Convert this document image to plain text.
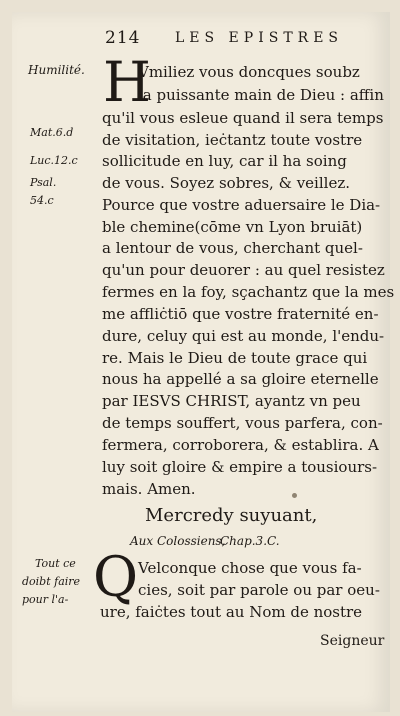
214 LES EPISTRES
Humilité.
Mat.6.d
Luc.12.c
Psal.
54.c
H
Vmiliez vous doncques soubz
la puissante main de Dieu : affin
qu'il vous esleue quand il sera temps
de visitation, ieċtantz toute vostre
sollicitude en luy, car il ha soing
de vous. Soyez sobres, & veillez.
Pource que vostre aduersaire le Dia-
ble chemine(cōme vn Lyon bruiāt)
a lentour de vous, cherchant quel-
qu'un pour deuorer : au quel resistez
fermes en la foy, sçachantz que la mes
me affliċtiō que vostre fraternité en-
dure, celuy qui est au monde, l'endu-
re. Mais le Dieu de toute grace qui
nous ha appellé a sa gloire eternelle
par IESVS CHRIST, ayantz vn peu
de temps souffert, vous parfera, con-
fermera, corroborera, & establira. A
luy soit gloire & empire a tousiours-
mais. Amen.
Mercredy suyuant,
Aux Colossiens,
Chap.3.C.
Tout ce
doibt faire
pour l'a- Q Velconque chose que vous fa-
cies, soit par parole ou par oeu-
ure, faiċtes tout au Nom de nostre
Seigneur
